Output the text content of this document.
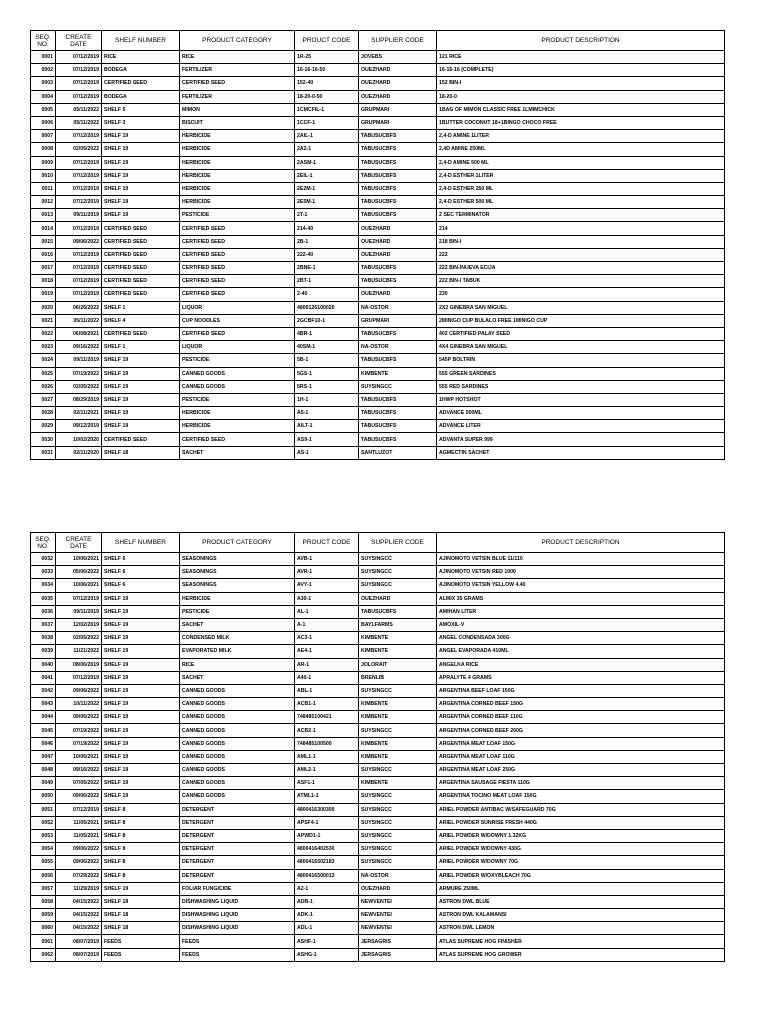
SEQ. NO.	CREATE DATE	SHELF NUMBER	PRODUCT CATEGORY	PROUCT CODE	SUPPLIER CODE	PRODUCT DESCRIPTION
0001	07/12/2019	RICE	RICE	1R-25	JOVEBS	121 RICE
0002	07/12/2019	BODEGA	FERTILIZER	16-16-16-50	OUEZHARD	16-16-16 (COMPLETE)
0003	07/12/2019	CERTIFIED SEED	CERTIFIED SEED	152-40	OUEZHARD	152 BIN-I
0004	07/12/2019	BODEGA	FERTILIZER	18-20-0-50	OUEZHARD	18-20-0
0005	05/11/2022	SHELF 5	MIMON	1CMCFIL-1	GRUPMARI	1BAG OF MIMON CLASSIC FREE 1LMIMCHICK
0006	05/11/2022	SHELF 3	BISCUIT	1CCF-1	GRUPMARI	1BUTTER COCONUT 18+1BINGO CHOCO FREE
0007	07/12/2019	SHELF 19	HERBICIDE	2AIL-1	TABUSUCBFS	2,4-D AMINE 1LITER
0008	02/05/2022	SHELF 19	HERBICIDE	2A2-1	TABUSUCBFS	2,4D AMINE 250ML
0009	07/12/2019	SHELF 19	HERBICIDE	2ASM-1	TABUSUCBFS	2,4-D AMINE 500 ML
0010	07/12/2019	SHELF 19	HERBICIDE	2EIL-1	TABUSUCBFS	2,4-D ESTHER 1LITER
0011	07/12/2019	SHELF 19	HERBICIDE	2E2M-1	TABUSUCBFS	2,4-D ESTHER 250 ML
0012	07/12/2019	SHELF 19	HERBICIDE	2E5M-1	TABUSUCBFS	2,4-D ESTHER 500 ML
0013	09/11/2019	SHELF 19	PESTICIDE	2T-1	TABUSUCBFS	2 SEC TERMINATOR
0014	07/12/2019	CERTIFIED SEED	CERTIFIED SEED	214-40	OUEZHARD	214
0015	09/06/2022	CERTIFIED SEED	CERTIFIED SEED	2B-1	OUEZHARD	218 BIN-I
0016	07/12/2019	CERTIFIED SEED	CERTIFIED SEED	222-40	OUEZHARD	222
0017	07/12/2019	CERTIFIED SEED	CERTIFIED SEED	2BNE-1	TABUSUCBFS	222 BIN-INUEVA ECIJA
0018	07/12/2019	CERTIFIED SEED	CERTIFIED SEED	2BT-1	TABUSUCBFS	222 BIN-I TABUK
0019	07/12/2019	CERTIFIED SEED	CERTIFIED SEED	2-40	OUEZHARD	230
0020	06/26/2022	SHELF 1	LIQUOR	4800126100020	NA-OSTOR	2X2 GINEBRA SAN MIGUEL
0021	05/11/2022	SHELF 4	CUP NOODLES	2GCBF10-1	GRUPMARI	2MINIGO CUP BULALO FREE 1MINIGO CUP
0022	06/08/2021	CERTIFIED SEED	CERTIFIED SEED	4BR-1	TABUSUCBFS	402 CERTIFIED PALAY SEED
0023	09/16/2022	SHELF 1	LIQUOR	40SM-1	NA-OSTOR	4X4 GINEBRA SAN MIGUEL
0024	09/11/2019	SHELF 19	PESTICIDE	5B-1	TABUSUCBFS	545P BOLTRIN
0025	07/19/2022	SHELF 19	CANNED GOODS	5GS-1	KIMBENTE	555 GREEN SARDINES
0026	02/05/2022	SHELF 19	CANNED GOODS	5RS-1	SUYSINGCC	555 RED SARDINES
0027	08/29/2019	SHELF 19	PESTICIDE	1H-1	TABUSUCBFS	1HWP HOTSHOT
0028	02/11/2021	SHELF 19	HERBICIDE	A5-1	TABUSUCBFS	ADVANCE 500ML
0029	09/12/2019	SHELF 19	HERBICIDE	AILT-1	TABUSUCBFS	ADVANCE LITER
0030	10/02/2020	CERTIFIED SEED	CERTIFIED SEED	AS9-1	TABUSUCBFS	ADVANTA SUPER 999
0031	02/11/2020	SHELF 18	SACHET	AS-1	SANTLUZOT	AGMECTIN SACHET
SEQ. NO.	CREATE DATE	SHELF NUMBER	PRODUCT CATEGORY	PROUCT CODE	SUPPLIER CODE	PRODUCT DESCRIPTION
0032	10/06/2021	SHELF 6	SEASONINGS	AVB-1	SUYSINGCC	AJINOMOTO VETSIN BLUE 11/110
0033	05/06/2022	SHELF 6	SEASONINGS	AVR-1	SUYSINGCC	AJINOMOTO VETSIN RED 1000
0034	10/06/2021	SHELF 6	SEASONINGS	AVY-1	SUYSINGCC	AJINOMOTO VETSIN YELLOW 4.40
0035	07/12/2019	SHELF 19	HERBICIDE	A30-1	OUEZHARD	ALMIX 35 GRAMS
0036	09/11/2019	SHELF 19	PESTICIDE	AL-1	TABUSUCBFS	AMIHAN LITER
0037	12/02/2019	SHELF 19	SACHET	A-1	BAYLFARMS	AMOXIL-V
0038	02/05/2022	SHELF 19	CONDENSED MILK	AC3-1	KIMBENTE	ANGEL CONDENSADA 300G
0039	11/21/2022	SHELF 19	EVAPORATED MILK	AE4-1	KIMBENTE	ANGEL EVAPORADA 410ML
0040	08/06/2019	SHELF 19	RICE	AR-1	JOLORAIT	ANGELKA RICE
0041	07/12/2019	SHELF 19	SACHET	A40-1	BRENLIB	APRALYTE 4 GRAMS
0042	09/06/2022	SHELF 19	CANNED GOODS	ABL-1	SUYSINGCC	ARGENTINA BEEF LOAF 150G
0043	10/11/2022	SHELF 19	CANNED GOODS	ACB1-1	KIMBENTE	ARGENTINA CORNED BEEF 150G
0044	09/06/2022	SHELF 19	CANNED GOODS	748485100421	KIMBENTE	ARGENTINA CORNED BEEF 110G
0045	07/19/2022	SHELF 19	CANNED GOODS	ACB2-1	SUYSINGCC	ARGENTINA CORNED BEEF 260G
0046	07/19/2022	SHELF 19	CANNED GOODS	748485100500	KIMBENTE	ARGENTINA MEAT LOAF 150G
0047	10/06/2021	SHELF 19	CANNED GOODS	AML1-1	KIMBENTE	ARGENTINA MEAT LOAF 110G
0048	09/16/2022	SHELF 19	CANNED GOODS	AML2-1	SUYSINGCC	ARGENTINA MEAT LOAF 250G
0049	07/05/2022	SHELF 19	CANNED GOODS	ASF1-1	KIMBENTE	ARGENTINA SAUSAGE FIESTA 110G
0050	09/06/2022	SHELF 19	CANNED GOODS	ATML1-1	SUYSINGCC	ARGENTINA TOCINO MEAT LOAF 150G
0051	07/12/2019	SHELF 8	DETERGENT	4800416300300	SUYSINGCC	ARIEL POWDER ANTIBAC W/SAFEGUARD 70G
0052	11/05/2021	SHELF 8	DETERGENT	APSF4-1	SUYSINGCC	ARIEL POWDER SUNRISE FRESH 440G
0053	11/05/2021	SHELF 8	DETERGENT	APWD1-1	SUYSINGCC	ARIEL POWDER W/DOWNY 1.32KG
0054	09/06/2022	SHELF 8	DETERGENT	4800416402530	SUYSINGCC	ARIEL POWDER W/DOWNY 430G
0055	09/06/2022	SHELF 8	DETERGENT	4800416502183	SUYSINGCC	ARIEL POWDER W/DOWNY 70G
0056	07/29/2022	SHELF 8	DETERGENT	4800416500013	NA-OSTOR	ARIEL POWDER W/OXYBLEACH 70G
0057	11/29/2019	SHELF 19	FOLIAR FUNGICIDE	A2-1	OUEZHARD	ARMURE 250ML
0058	04/15/2022	SHELF 18	DISHWASHING LIQUID	ADB-1	NEWVENTEI	ASTRON DWL BLUE
0059	04/15/2022	SHELF 18	DISHWASHING LIQUID	ADK-1	NEWVENTEI	ASTRON DWL KALAMANSI
0060	04/15/2022	SHELF 18	DISHWASHING LIQUID	ADL-1	NEWVENTEI	ASTRON DWL LEMON
0061	08/07/2019	FEEDS	FEEDS	ASHF-1	JERSAGRIS	ATLAS SUPREME HOG FINISHER
0062	08/07/2019	FEEDS	FEEDS	ASHG-1	JERSAGRIS	ATLAS SUPREME HOG GROWER
